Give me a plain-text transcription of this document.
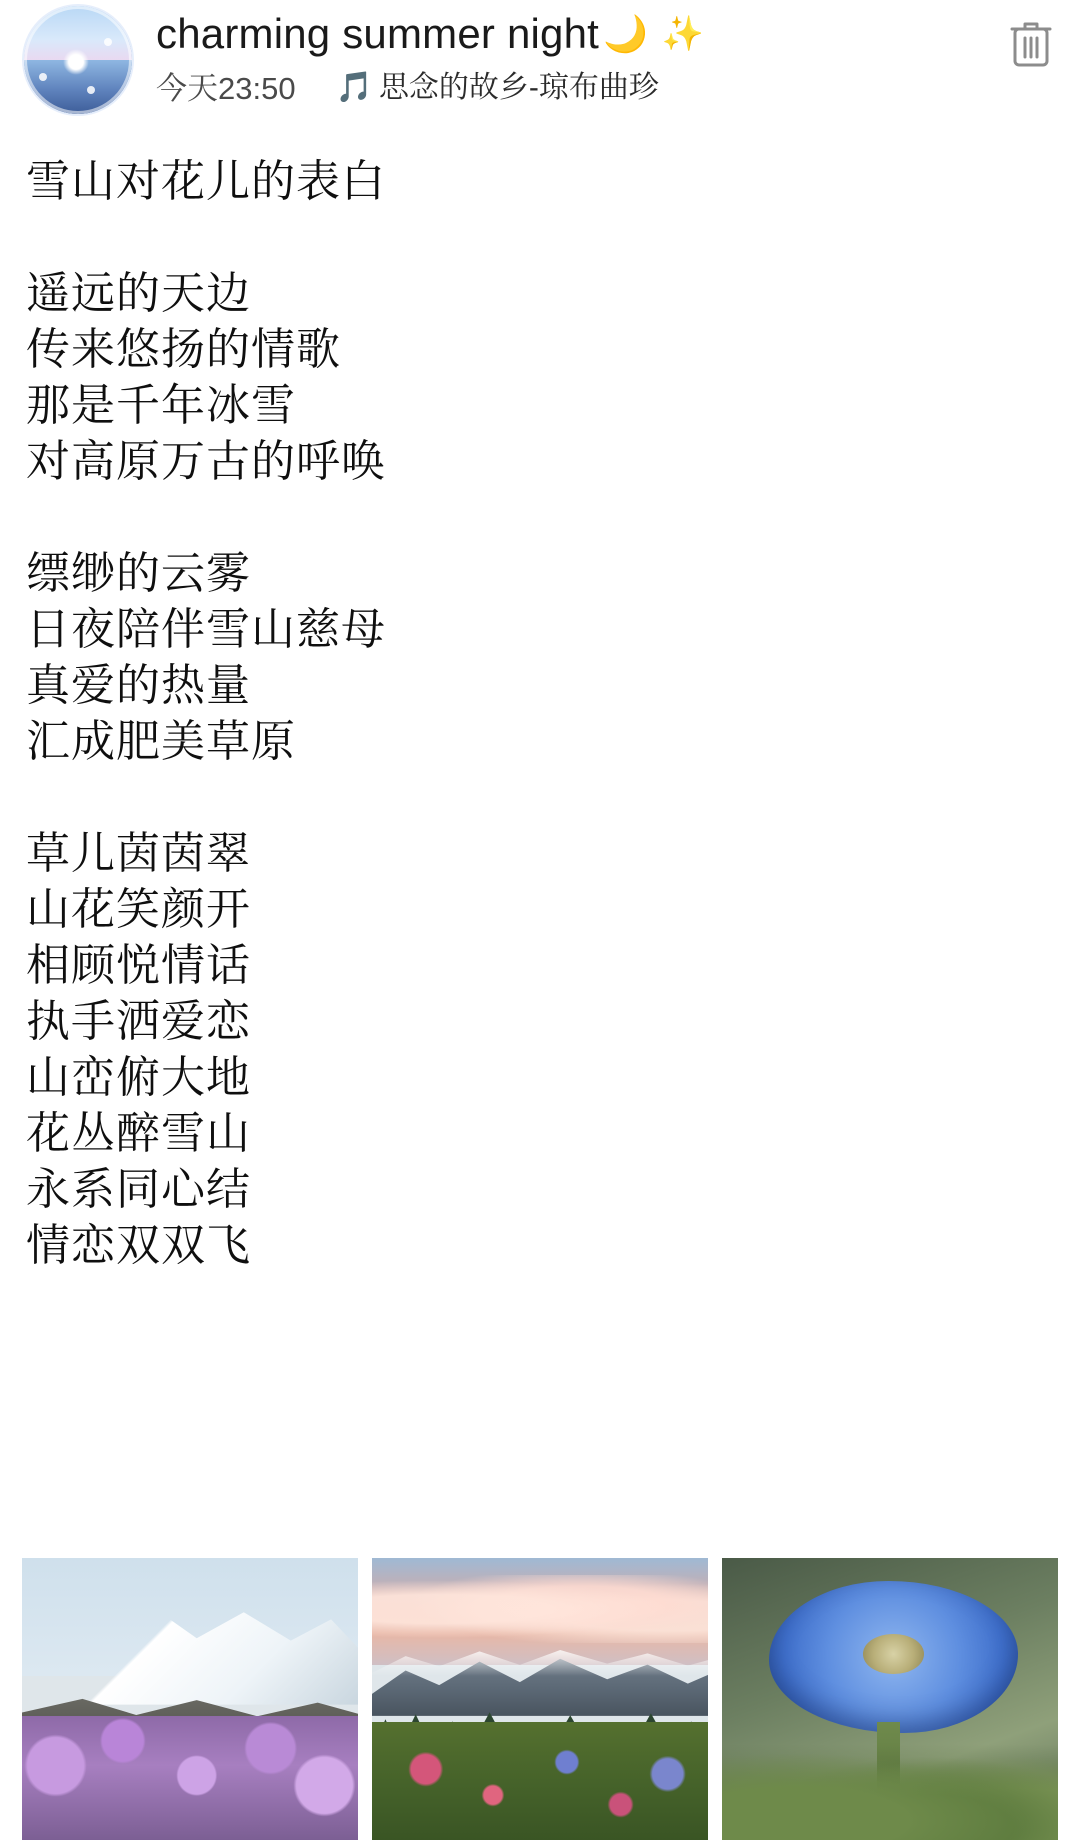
charming summer night 🌙 ✨
今天23:50 🎵 思念的故乡-琼布曲珍
雪山对花儿的表白
遥远的天边
传来悠扬的情歌
那是千年冰雪
对高原万古的呼唤
缥缈的云雾
日夜陪伴雪山慈母
真爱的热量
汇成肥美草原
草儿茵茵翠
山花笑颜开
相顾悦情话
执手洒爱恋
山峦俯大地
花丛醉雪山
永系同心结
情恋双双飞
